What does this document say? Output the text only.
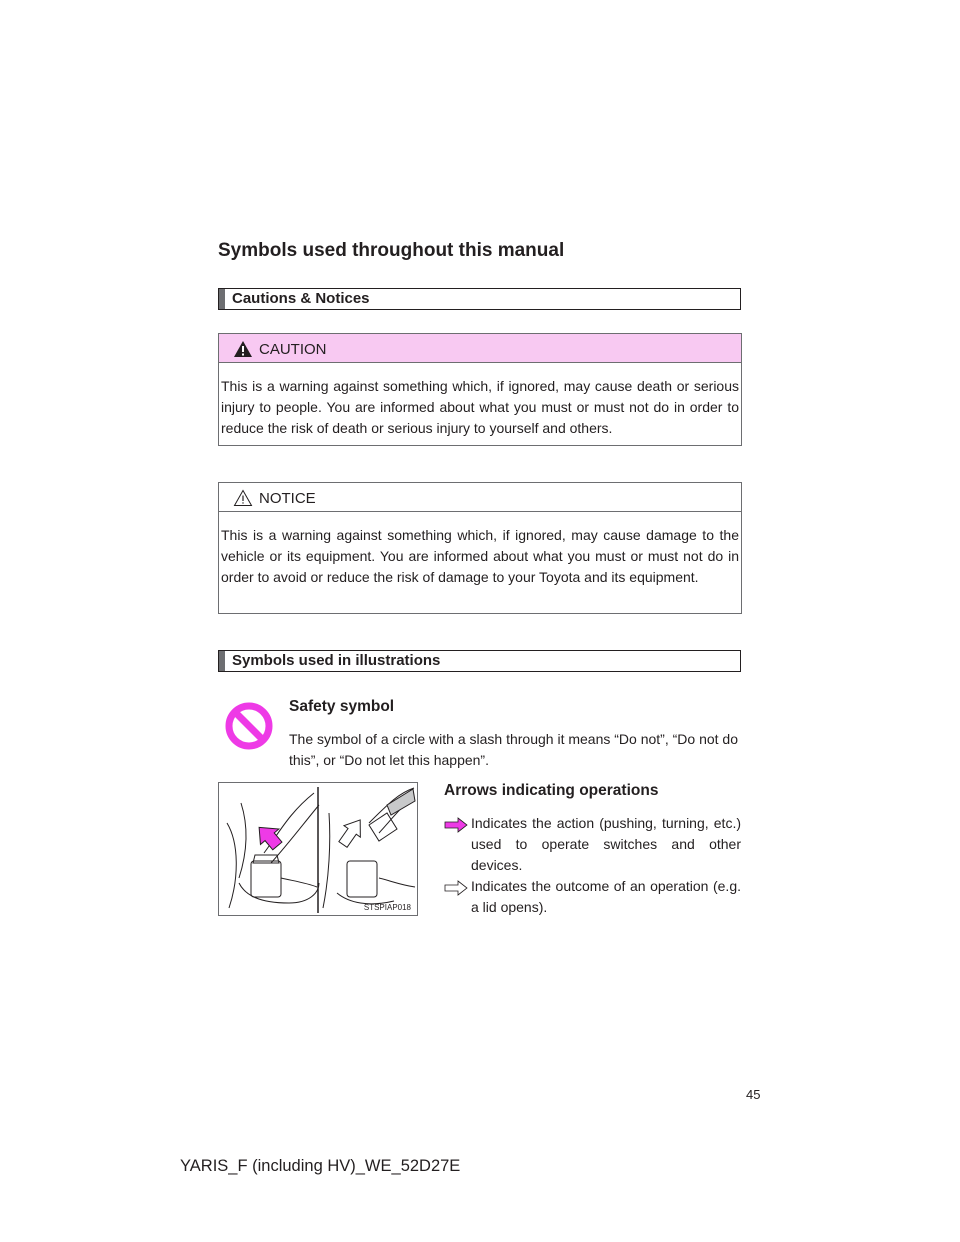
Symbols used throughout this manual
Cautions & Notices
CAUTION
This is a warning against something which, if ignored, may cause death or serious injury to people. You are informed about what you must or must not do in order to reduce the risk of death or serious injury to yourself and others.
NOTICE
This is a warning against something which, if ignored, may cause damage to the vehicle or its equipment. You are informed about what you must or must not do in order to avoid or reduce the risk of damage to your Toyota and its equipment.
Symbols used in illustrations
Safety symbol
The symbol of a circle with a slash through it means “Do not”, “Do not do this”, or “Do not let this happen”.
STSPIAP018
Arrows indicating operations
Indicates the action (pushing, turning, etc.) used to operate switches and other devices.
Indicates the outcome of an operation (e.g. a lid opens).
45
YARIS_F (including HV)_WE_52D27E
